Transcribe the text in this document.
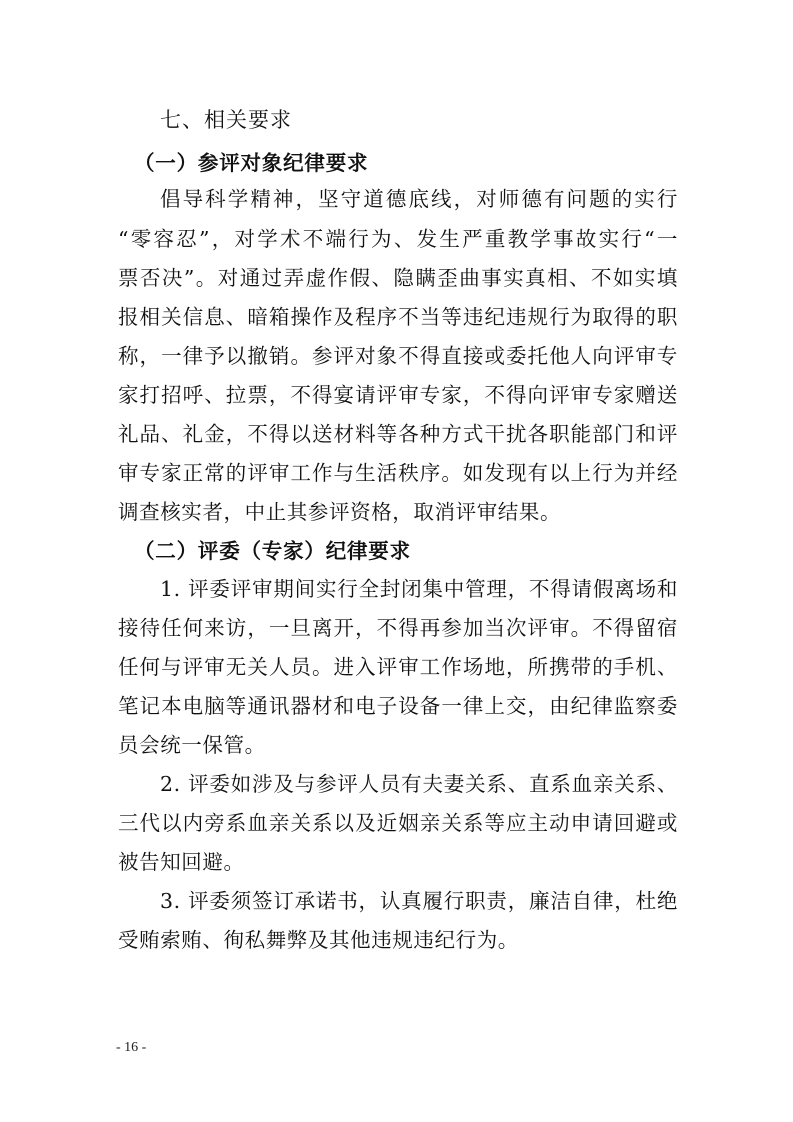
七、相关要求
（一）参评对象纪律要求
倡导科学精神，坚守道德底线，对师德有问题的实行
“零容忍”，对学术不端行为、发生严重教学事故实行“一
票否决”。对通过弄虚作假、隐瞒歪曲事实真相、不如实填
报相关信息、暗箱操作及程序不当等违纪违规行为取得的职
称，一律予以撤销。参评对象不得直接或委托他人向评审专
家打招呼、拉票，不得宴请评审专家，不得向评审专家赠送
礼品、礼金，不得以送材料等各种方式干扰各职能部门和评
审专家正常的评审工作与生活秩序。如发现有以上行为并经
调查核实者，中止其参评资格，取消评审结果。
（二）评委（专家）纪律要求
1. 评委评审期间实行全封闭集中管理，不得请假离场和
接待任何来访，一旦离开，不得再参加当次评审。不得留宿
任何与评审无关人员。进入评审工作场地，所携带的手机、
笔记本电脑等通讯器材和电子设备一律上交，由纪律监察委
员会统一保管。
2. 评委如涉及与参评人员有夫妻关系、直系血亲关系、
三代以内旁系血亲关系以及近姻亲关系等应主动申请回避或
被告知回避。
3. 评委须签订承诺书，认真履行职责，廉洁自律，杜绝
受贿索贿、徇私舞弊及其他违规违纪行为。
- 16 -
